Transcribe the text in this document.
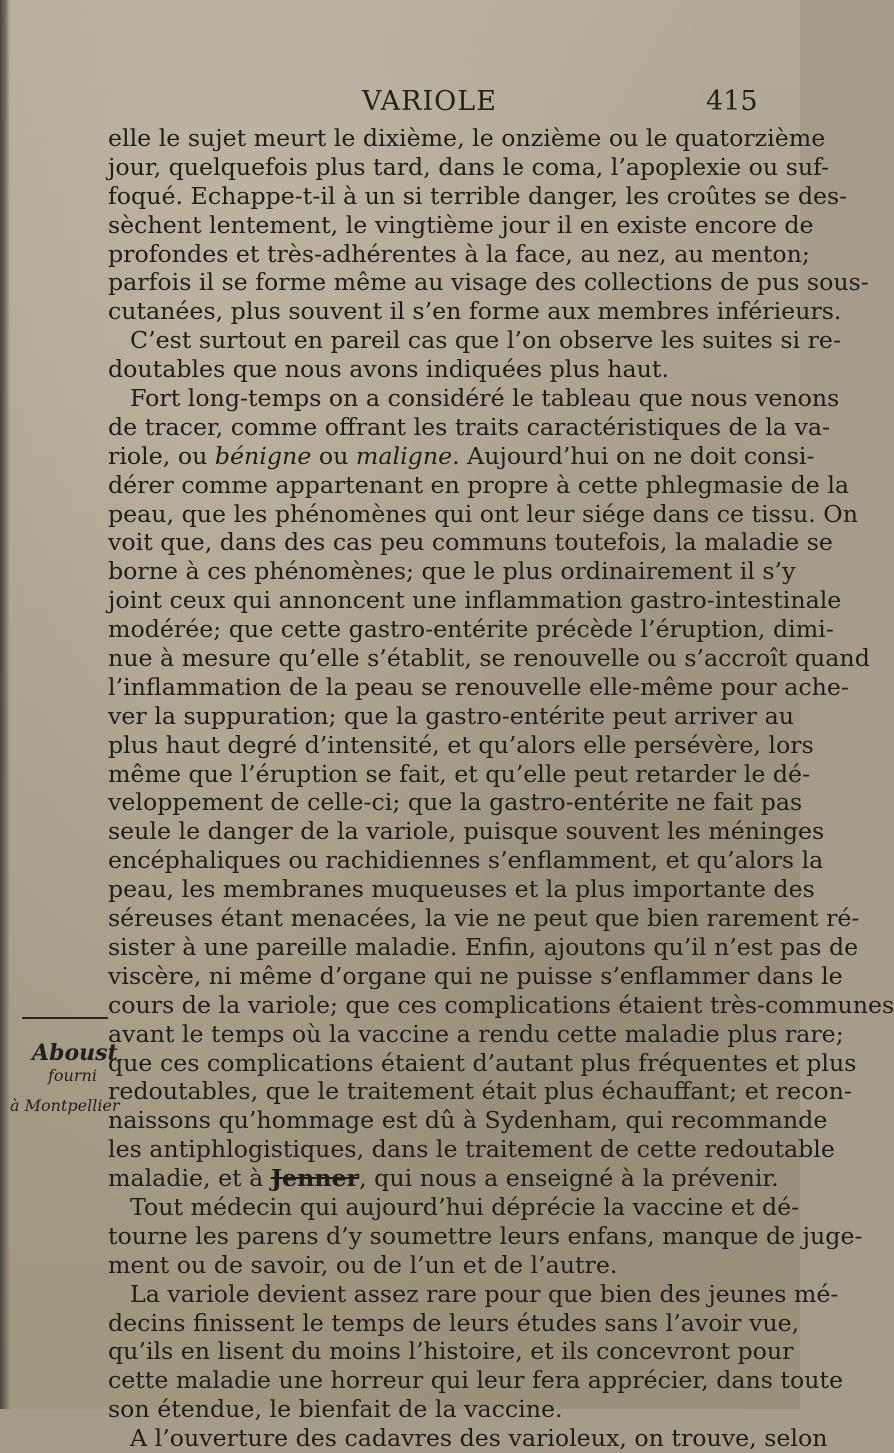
VARIOLE	415
elle le sujet meurt le dixième, le onzième ou le quatorzième
jour, quelquefois plus tard, dans le coma, l’apoplexie ou suf-
foqué. Echappe-t-il à un si terrible danger, les croûtes se des-
sèchent lentement, le vingtième jour il en existe encore de
profondes et très-adhérentes à la face, au nez, au menton;
parfois il se forme même au visage des collections de pus sous-
cutanées, plus souvent il s’en forme aux membres inférieurs.
C’est surtout en pareil cas que l’on observe les suites si re-
doutables que nous avons indiquées plus haut.
Fort long-temps on a considéré le tableau que nous venons
de tracer, comme offrant les traits caractéristiques de la va-
riole, ou bénigne ou maligne. Aujourd’hui on ne doit consi-
dérer comme appartenant en propre à cette phlegmasie de la
peau, que les phénomènes qui ont leur siége dans ce tissu. On
voit que, dans des cas peu communs toutefois, la maladie se
borne à ces phénomènes; que le plus ordinairement il s’y
joint ceux qui annoncent une inflammation gastro-intestinale
modérée; que cette gastro-entérite précède l’éruption, dimi-
nue à mesure qu’elle s’établit, se renouvelle ou s’accroît quand
l’inflammation de la peau se renouvelle elle-même pour ache-
ver la suppuration; que la gastro-entérite peut arriver au
plus haut degré d’intensité, et qu’alors elle persévère, lors
même que l’éruption se fait, et qu’elle peut retarder le dé-
veloppement de celle-ci; que la gastro-entérite ne fait pas
seule le danger de la variole, puisque souvent les méninges
encéphaliques ou rachidiennes s’enflamment, et qu’alors la
peau, les membranes muqueuses et la plus importante des
séreuses étant menacées, la vie ne peut que bien rarement ré-
sister à une pareille maladie. Enfin, ajoutons qu’il n’est pas de
viscère, ni même d’organe qui ne puisse s’enflammer dans le
cours de la variole; que ces complications étaient très-communes
avant le temps où la vaccine a rendu cette maladie plus rare;
que ces complications étaient d’autant plus fréquentes et plus
redoutables, que le traitement était plus échauffant; et recon-
naissons qu’hommage est dû à Sydenham, qui recommande
les antiphlogistiques, dans le traitement de cette redoutable
maladie, et à Jenner, qui nous a enseigné à la prévenir.
Tout médecin qui aujourd’hui déprécie la vaccine et dé-
tourne les parens d’y soumettre leurs enfans, manque de juge-
ment ou de savoir, ou de l’un et de l’autre.
La variole devient assez rare pour que bien des jeunes mé-
decins finissent le temps de leurs études sans l’avoir vue,
qu’ils en lisent du moins l’histoire, et ils concevront pour
cette maladie une horreur qui leur fera apprécier, dans toute
son étendue, le bienfait de la vaccine.
A l’ouverture des cadavres des varioleux, on trouve, selon
Aboust
fourni
à Montpellier
